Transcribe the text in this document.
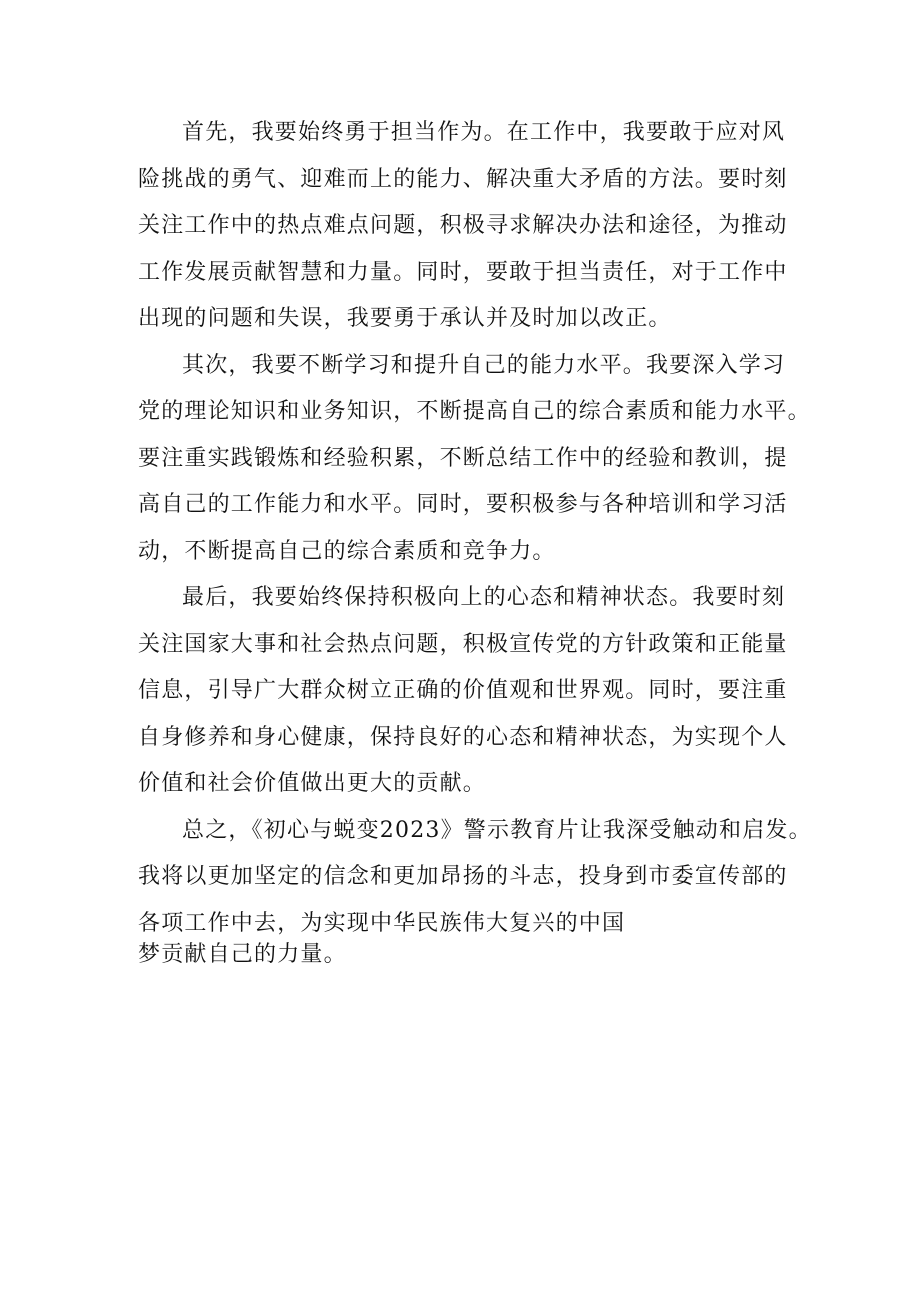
首先，我要始终勇于担当作为。在工作中，我要敢于应对风
险挑战的勇气、迎难而上的能力、解决重大矛盾的方法。要时刻
关注工作中的热点难点问题，积极寻求解决办法和途径，为推动
工作发展贡献智慧和力量。同时，要敢于担当责任，对于工作中
出现的问题和失误，我要勇于承认并及时加以改正。
其次，我要不断学习和提升自己的能力水平。我要深入学习
党的理论知识和业务知识，不断提高自己的综合素质和能力水平。
要注重实践锻炼和经验积累，不断总结工作中的经验和教训，提
高自己的工作能力和水平。同时，要积极参与各种培训和学习活
动，不断提高自己的综合素质和竞争力。
最后，我要始终保持积极向上的心态和精神状态。我要时刻
关注国家大事和社会热点问题，积极宣传党的方针政策和正能量
信息，引导广大群众树立正确的价值观和世界观。同时，要注重
自身修养和身心健康，保持良好的心态和精神状态，为实现个人
价值和社会价值做出更大的贡献。
总之，《初心与蜕变2023》警示教育片让我深受触动和启发。
我将以更加坚定的信念和更加昂扬的斗志，投身到市委宣传部的
各项工作中去，为实现中华民族伟大复兴的中国
梦贡献自己的力量。
